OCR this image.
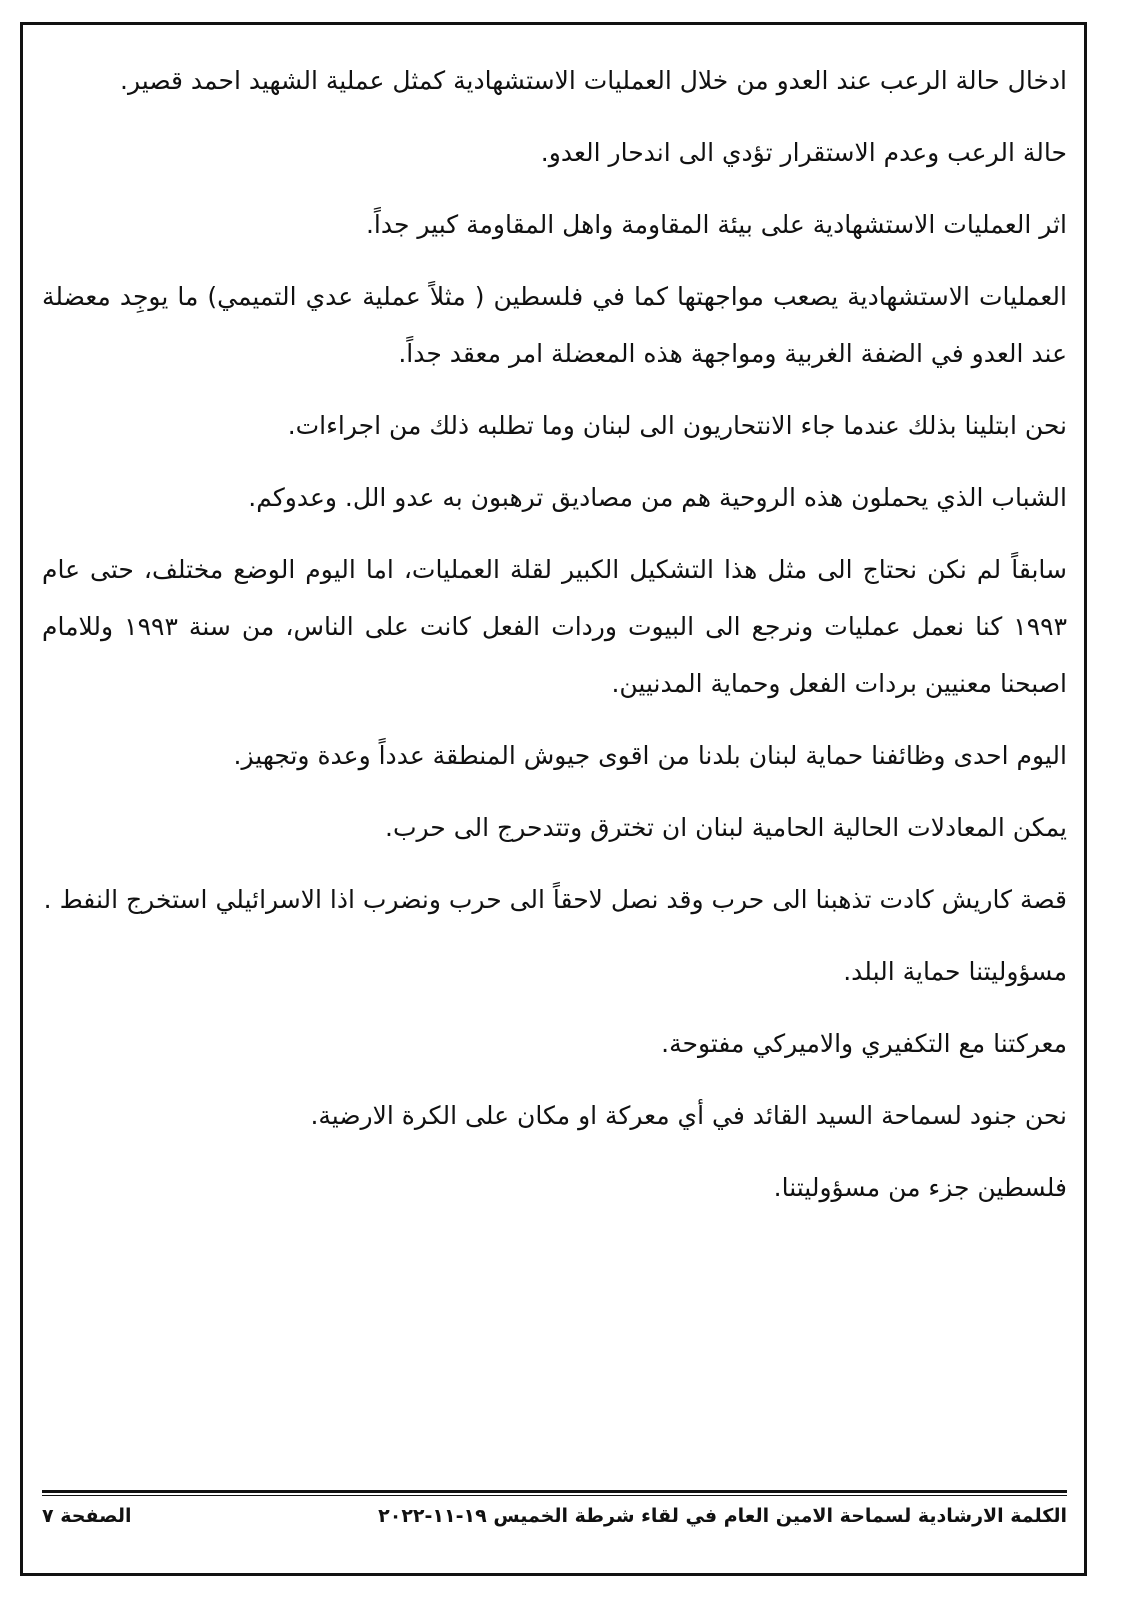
ادخال حالة الرعب عند العدو من خلال العمليات الاستشهادية كمثل عملية الشهيد احمد قصير.

حالة الرعب وعدم الاستقرار تؤدي الى اندحار العدو.

اثر العمليات الاستشهادية على بيئة المقاومة واهل المقاومة كبير جداً.

العمليات الاستشهادية يصعب مواجهتها كما في فلسطين ( مثلاً عملية عدي التميمي) ما يوجِد معضلة عند العدو في الضفة الغربية ومواجهة هذه المعضلة امر معقد جداً.

نحن ابتلينا بذلك عندما جاء الانتحاريون الى لبنان وما تطلبه ذلك من اجراءات.

الشباب الذي يحملون هذه الروحية هم من مصاديق ترهبون به عدو الل. وعدوكم.

سابقاً لم نكن نحتاج الى مثل هذا التشكيل الكبير لقلة العمليات، اما اليوم الوضع مختلف، حتى عام ١٩٩٣ كنا نعمل عمليات ونرجع الى البيوت وردات الفعل كانت على الناس، من سنة ١٩٩٣ وللامام اصبحنا معنيين بردات الفعل وحماية المدنيين.

اليوم احدى وظائفنا حماية لبنان بلدنا من اقوى جيوش المنطقة عدداً وعدة وتجهيز.

يمكن المعادلات الحالية الحامية لبنان ان تخترق وتتدحرج الى حرب.

قصة كاريش كادت تذهبنا الى حرب وقد نصل لاحقاً الى حرب ونضرب اذا الاسرائيلي استخرج النفط .

مسؤوليتنا حماية البلد.

معركتنا مع التكفيري والاميركي مفتوحة.

نحن جنود لسماحة السيد القائد في أي معركة او مكان على الكرة الارضية.

فلسطين جزء من مسؤوليتنا.

الكلمة الارشادية لسماحة الامين العام في لقاء شرطة الخميس ١٩-١١-٢٠٢٢
الصفحة ٧
